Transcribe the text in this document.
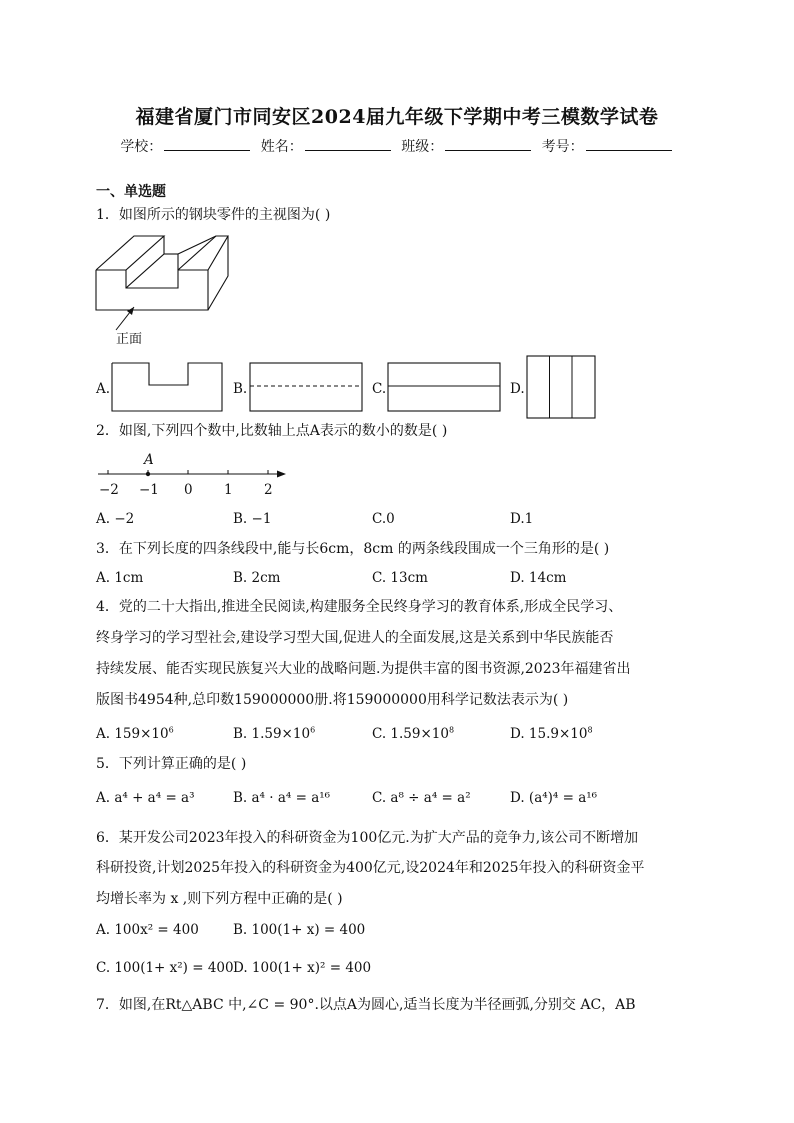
福建省厦门市同安区2024届九年级下学期中考三模数学试卷
学校：	姓名：	班级：	考号：
一、单选题
1．如图所示的钢块零件的主视图为( )
正面
A.	B.	C.	D.
2．如图,下列四个数中,比数轴上点A表示的数小的数是( )
A
−2 −1 0 1 2
A. −2	B. −1	C.0	D.1
3．在下列长度的四条线段中,能与长6cm，8cm 的两条线段围成一个三角形的是( )
A. 1cm	B. 2cm	C. 13cm	D. 14cm
4．党的二十大指出,推进全民阅读,构建服务全民终身学习的教育体系,形成全民学习、
终身学习的学习型社会,建设学习型大国,促进人的全面发展,这是关系到中华民族能否
持续发展、能否实现民族复兴大业的战略问题.为提供丰富的图书资源,2023年福建省出
版图书4954种,总印数159000000册.将159000000用科学记数法表示为( )
A. $159\times 10^6$	B. $1.59\times 10^6$	C. $1.59\times 10^8$	D. $15.9\times 10^8$
5．下列计算正确的是( )
A. a⁴ + a⁴ = a³	B. a⁴ · a⁴ = a¹⁶	C. a⁸ ÷ a⁴ = a²	D. (a⁴)⁴ = a¹⁶
6．某开发公司2023年投入的科研资金为100亿元.为扩大产品的竞争力,该公司不断增加
科研投资,计划2025年投入的科研资金为400亿元,设2024年和2025年投入的科研资金平
均增长率为 x ,则下列方程中正确的是( )
A. 100x² = 400	B. 100(1+ x) = 400
C. 100(1+ x²) = 400 D. 100(1+ x)² = 400
7．如图,在Rt△ABC 中,∠C = 90°.以点A为圆心,适当长度为半径画弧,分别交 AC，AB
